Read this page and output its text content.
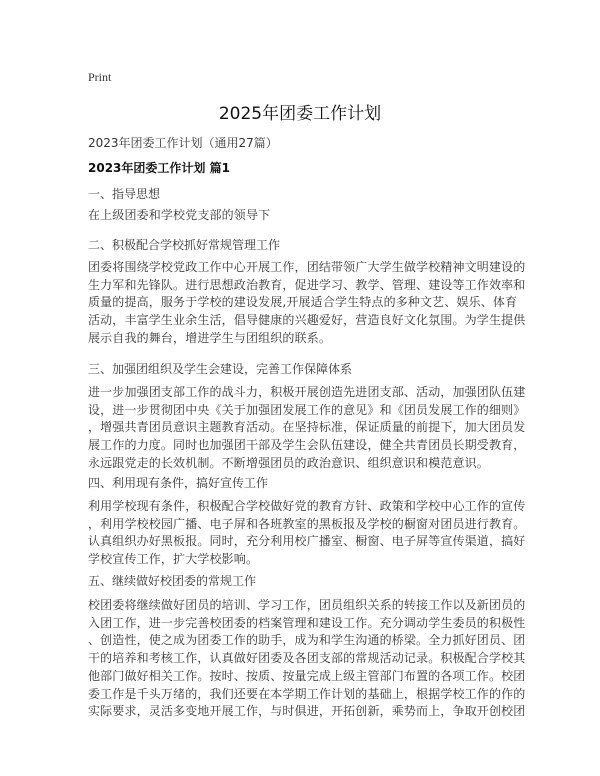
Print
2025年团委工作计划
2023年团委工作计划（通用27篇）
2023年团委工作计划 篇1
一、指导思想
在上级团委和学校党支部的领导下
二、积极配合学校抓好常规管理工作
团委将围绕学校党政工作中心开展工作，团结带领广大学生做学校精神文明建设的
生力军和先锋队。进行思想政治教育，促进学习、教学、管理、建设等工作效率和
质量的提高，服务于学校的建设发展,开展适合学生特点的多种文艺、娱乐、体育
活动，丰富学生业余生活，倡导健康的兴趣爱好，营造良好文化氛围。为学生提供
展示自我的舞台，增进学生与团组织的联系。
三、加强团组织及学生会建设，完善工作保障体系
进一步加强团支部工作的战斗力，积极开展创造先进团支部、活动，加强团队伍建
设，进一步贯彻团中央《关于加强团发展工作的意见》和《团员发展工作的细则》
，增强共青团员意识主题教育活动。在坚持标准，保证质量的前提下，加大团员发
展工作的力度。同时也加强团干部及学生会队伍建设，健全共青团员长期受教育，
永远跟党走的长效机制。不断增强团员的政治意识、组织意识和模范意识。
四、利用现有条件，搞好宣传工作
利用学校现有条件，积极配合学校做好党的教育方针、政策和学校中心工作的宣传
，利用学校校园广播、电子屏和各班教室的黑板报及学校的橱窗对团员进行教育。
认真组织办好黑板报。同时，充分利用校广播室、橱窗、电子屏等宣传渠道，搞好
学校宣传工作，扩大学校影响。
五、继续做好校团委的常规工作
校团委将继续做好团员的培训、学习工作，团员组织关系的转接工作以及新团员的
入团工作，进一步完善校团委的档案管理和建设工作。充分调动学生委员的积极性
、创造性，使之成为团委工作的助手，成为和学生沟通的桥梁。全力抓好团员、团
干的培养和考核工作，认真做好团委及各团支部的常规活动记录。积极配合学校其
他部门做好相关工作。按时、按质、按量完成上级主管部门布置的各项工作。校团
委工作是千头万绪的，我们还要在本学期工作计划的基础上，根据学校工作的作的
实际要求，灵活多变地开展工作，与时俱进，开拓创新，乘势而上，争取开创校团
